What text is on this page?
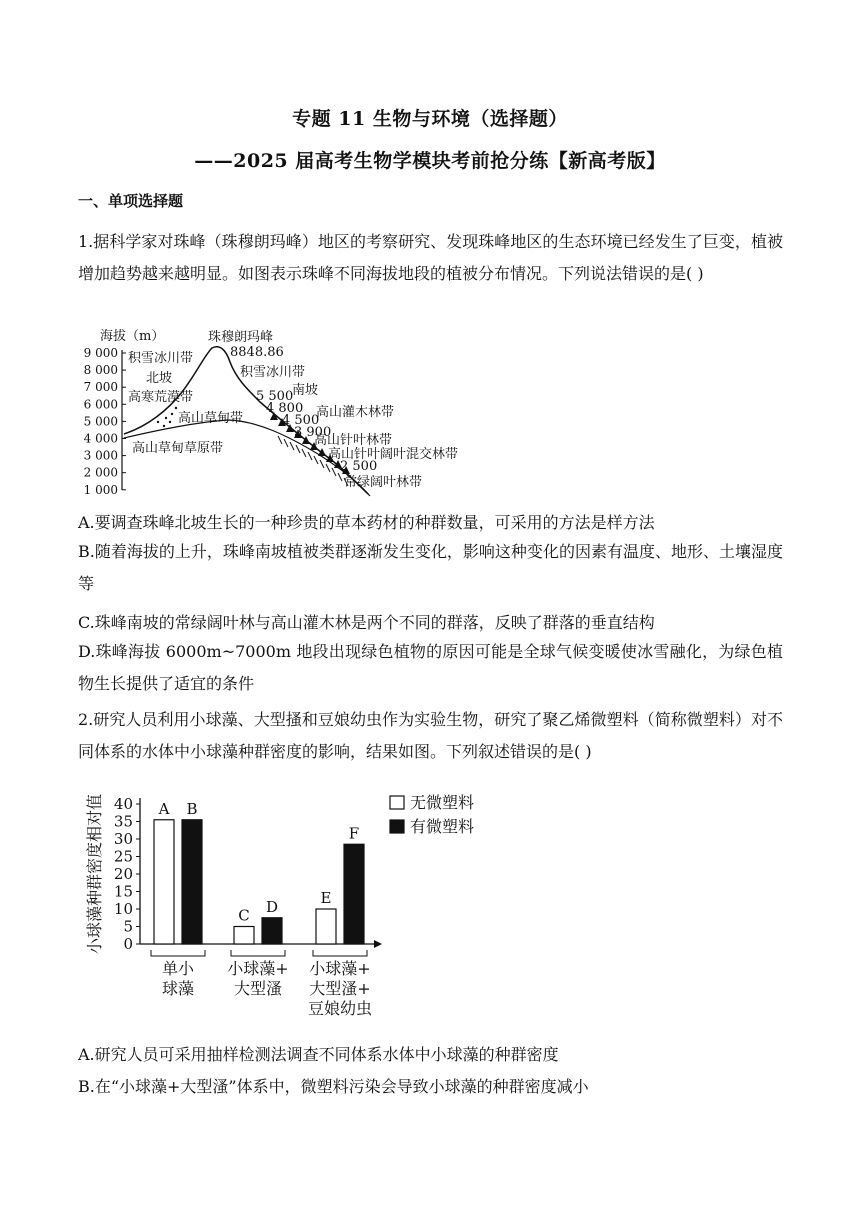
专题 11 生物与环境（选择题）
——2025 届高考生物学模块考前抢分练【新高考版】
一、单项选择题
1.据科学家对珠峰（珠穆朗玛峰）地区的考察研究、发现珠峰地区的生态环境已经发生了巨变，植被增加趋势越来越明显。如图表示珠峰不同海拔地段的植被分布情况。下列说法错误的是( )
海拔（m）
9 000
8 000
7 000
6 000
5 000
4 000
3 000
2 000
1 000
珠穆朗玛峰
8848.86
积雪冰川带
北坡
高寒荒漠带
高山草甸带
高山草甸草原带
积雪冰川带
南坡
5 500
4 800 高山灌木林带
4 500
3 900
高山针叶林带
高山针叶阔叶混交林带
2 500
常绿阔叶林带
A.要调查珠峰北坡生长的一种珍贵的草本药材的种群数量，可采用的方法是样方法
B.随着海拔的上升，珠峰南坡植被类群逐渐发生变化，影响这种变化的因素有温度、地形、土壤湿度等
C.珠峰南坡的常绿阔叶林与高山灌木林是两个不同的群落，反映了群落的垂直结构
D.珠峰海拔 6000m~7000m 地段出现绿色植物的原因可能是全球气候变暖使冰雪融化，为绿色植物生长提供了适宜的条件
2.研究人员利用小球藻、大型搔和豆娘幼虫作为实验生物，研究了聚乙烯微塑料（简称微塑料）对不同体系的水体中小球藻种群密度的影响，结果如图。下列叙述错误的是( )
小球藻种群密度相对值 0
5
10
15
20
25
30
35
40 A B
单小
球藻
C D
小球藻+
大型溞
E
F
小球藻+
大型溞+
豆娘幼虫
无微塑料
有微塑料
A.研究人员可采用抽样检测法调查不同体系水体中小球藻的种群密度
B.在“小球藻+大型溞”体系中，微塑料污染会导致小球藻的种群密度减小
